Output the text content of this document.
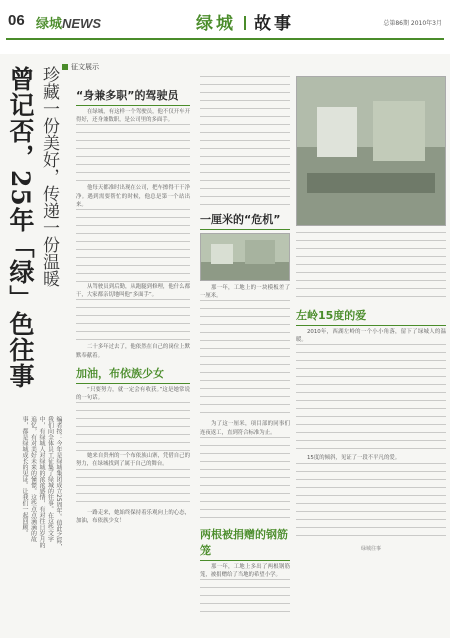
06 绿城NEWS	绿城 故事	总第86期 2010年3月
征文展示
曾记否，25年「绿」色往事 珍藏一份美好，传递一份温暖
编者按：今年是绿城集团成立25周年。值此之际，我们向全体员工征集了绿城的往事。在这些文字中，有绿城人对绿城的浓浓感情，有对往日岁月的追忆，有对美好未来的憧憬。这些点点滴滴的故事，都是绿城成长的见证。让我们一起回顾。
“身兼多职”的驾驶员

在绿城，有这样一个驾驶员，他不仅开车开得好，还身兼数职，是公司里的多面手。

他每天都准时出现在公司，把车擦得干干净净。遇到需要帮忙的时候，他总是第一个站出来。

从驾驶员到后勤，从跑腿到修理，他什么都干，大家都亲切地叫他“多面手”。

二十多年过去了，他依然在自己的岗位上默默奉献着。

加油，布依族少女

“只要努力，就一定会有收获。”这是她常说的一句话。

她来自贵州的一个布依族山寨，凭借自己的努力，在绿城找到了属于自己的舞台。

一路走来，她始终保持着乐观向上的心态，加油，布依族少女！

一厘米的“危机”

那一年，工地上的一块模板差了一厘米。

为了这一厘米，项目部的同事们连夜返工，直到符合标准为止。

两根被捐赠的钢筋笼

那一年，工地上多出了两根钢筋笼，被捐赠给了当地的希望小学。

左岭15度的爱

2010年，西湖左岭的一个小小角落，留下了绿城人的温暖。

15度的倾斜，见证了一段不平凡的爱。

绿城往事
